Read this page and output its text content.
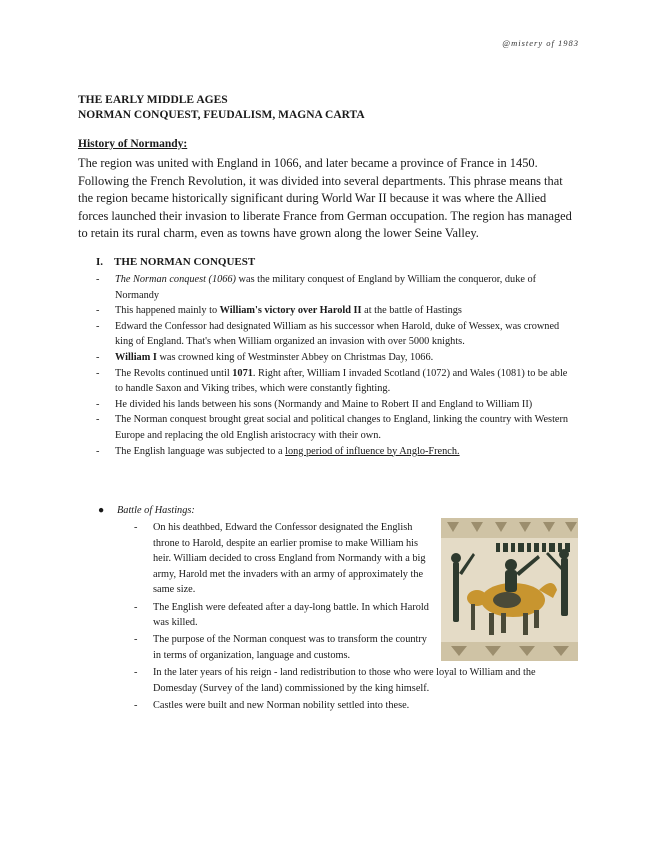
@mistery of 1983
THE EARLY MIDDLE AGES
NORMAN CONQUEST, FEUDALISM, MAGNA CARTA
History of Normandy:
The region was united with England in 1066, and later became a province of France in 1450. Following the French Revolution, it was divided into several departments. This phrase means that the region became historically significant during World War II because it was where the Allied forces launched their invasion to liberate France from German occupation. The region has managed to retain its rural charm, even as towns have grown along the lower Seine Valley.
I. THE NORMAN CONQUEST
- The Norman conquest (1066) was the military conquest of England by William the conqueror, duke of Normandy
- This happened mainly to William's victory over Harold II at the battle of Hastings
- Edward the Confessor had designated William as his successor when Harold, duke of Wessex, was crowned king of England. That's when William organized an invasion with over 5000 knights.
- William I was crowned king of Westminster Abbey on Christmas Day, 1066.
- The Revolts continued until 1071. Right after, William I invaded Scotland (1072) and Wales (1081) to be able to handle Saxon and Viking tribes, which were constantly fighting.
- He divided his lands between his sons (Normandy and Maine to Robert II and England to William II)
- The Norman conquest brought great social and political changes to England, linking the country with Western Europe and replacing the old English aristocracy with their own.
- The English language was subjected to a long period of influence by Anglo-French.
● Battle of Hastings:
- On his deathbed, Edward the Confessor designated the English throne to Harold, despite an earlier promise to make William his heir. William decided to cross England from Normandy with a big army, Harold met the invaders with an army of approximately the same size.
- The English were defeated after a day-long battle. In which Harold was killed.
- The purpose of the Norman conquest was to transform the country in terms of organization, language and customs.
- In the later years of his reign - land redistribution to those who were loyal to William and the Domesday (Survey of the land) commissioned by the king himself.
- Castles were built and new Norman nobility settled into these.
